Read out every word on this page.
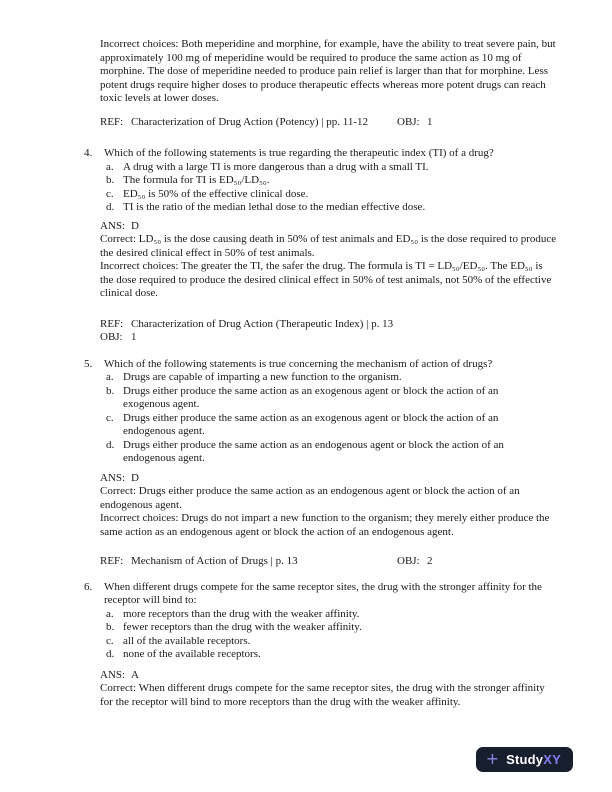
Incorrect choices: Both meperidine and morphine, for example, have the ability to treat severe pain, but approximately 100 mg of meperidine would be required to produce the same action as 10 mg of morphine. The dose of meperidine needed to produce pain relief is larger than that for morphine. Less potent drugs require higher doses to produce therapeutic effects whereas more potent drugs can reach toxic levels at lower doses.

REF: Characterization of Drug Action (Potency) | pp. 11-12	OBJ: 1
4.	Which of the following statements is true regarding the therapeutic index (TI) of a drug?
a. A drug with a large TI is more dangerous than a drug with a small TI.
b. The formula for TI is ED₅₀/LD₅₀.
c. ED₅₀ is 50% of the effective clinical dose.
d. TI is the ratio of the median lethal dose to the median effective dose.
ANS: D

Correct: LD₅₀ is the dose causing death in 50% of test animals and ED₅₀ is the dose required to produce the desired clinical effect in 50% of test animals.

Incorrect choices: The greater the TI, the safer the drug. The formula is TI = LD₅₀/ED₅₀. The ED₅₀ is the dose required to produce the desired clinical effect in 50% of test animals, not 50% of the effective clinical dose.

REF: Characterization of Drug Action (Therapeutic Index) | p. 13
OBJ: 1
5.	Which of the following statements is true concerning the mechanism of action of drugs?
a. Drugs are capable of imparting a new function to the organism.
b. Drugs either produce the same action as an exogenous agent or block the action of an exogenous agent.
c. Drugs either produce the same action as an exogenous agent or block the action of an endogenous agent.
d. Drugs either produce the same action as an endogenous agent or block the action of an endogenous agent.
ANS: D

Correct: Drugs either produce the same action as an endogenous agent or block the action of an endogenous agent.

Incorrect choices: Drugs do not impart a new function to the organism; they merely either produce the same action as an endogenous agent or block the action of an endogenous agent.

REF: Mechanism of Action of Drugs | p. 13	OBJ: 2
6.	When different drugs compete for the same receptor sites, the drug with the stronger affinity for the receptor will bind to:
a. more receptors than the drug with the weaker affinity.
b. fewer receptors than the drug with the weaker affinity.
c. all of the available receptors.
d. none of the available receptors.
ANS: A

Correct: When different drugs compete for the same receptor sites, the drug with the stronger affinity for the receptor will bind to more receptors than the drug with the weaker affinity.

+ StudyXY
